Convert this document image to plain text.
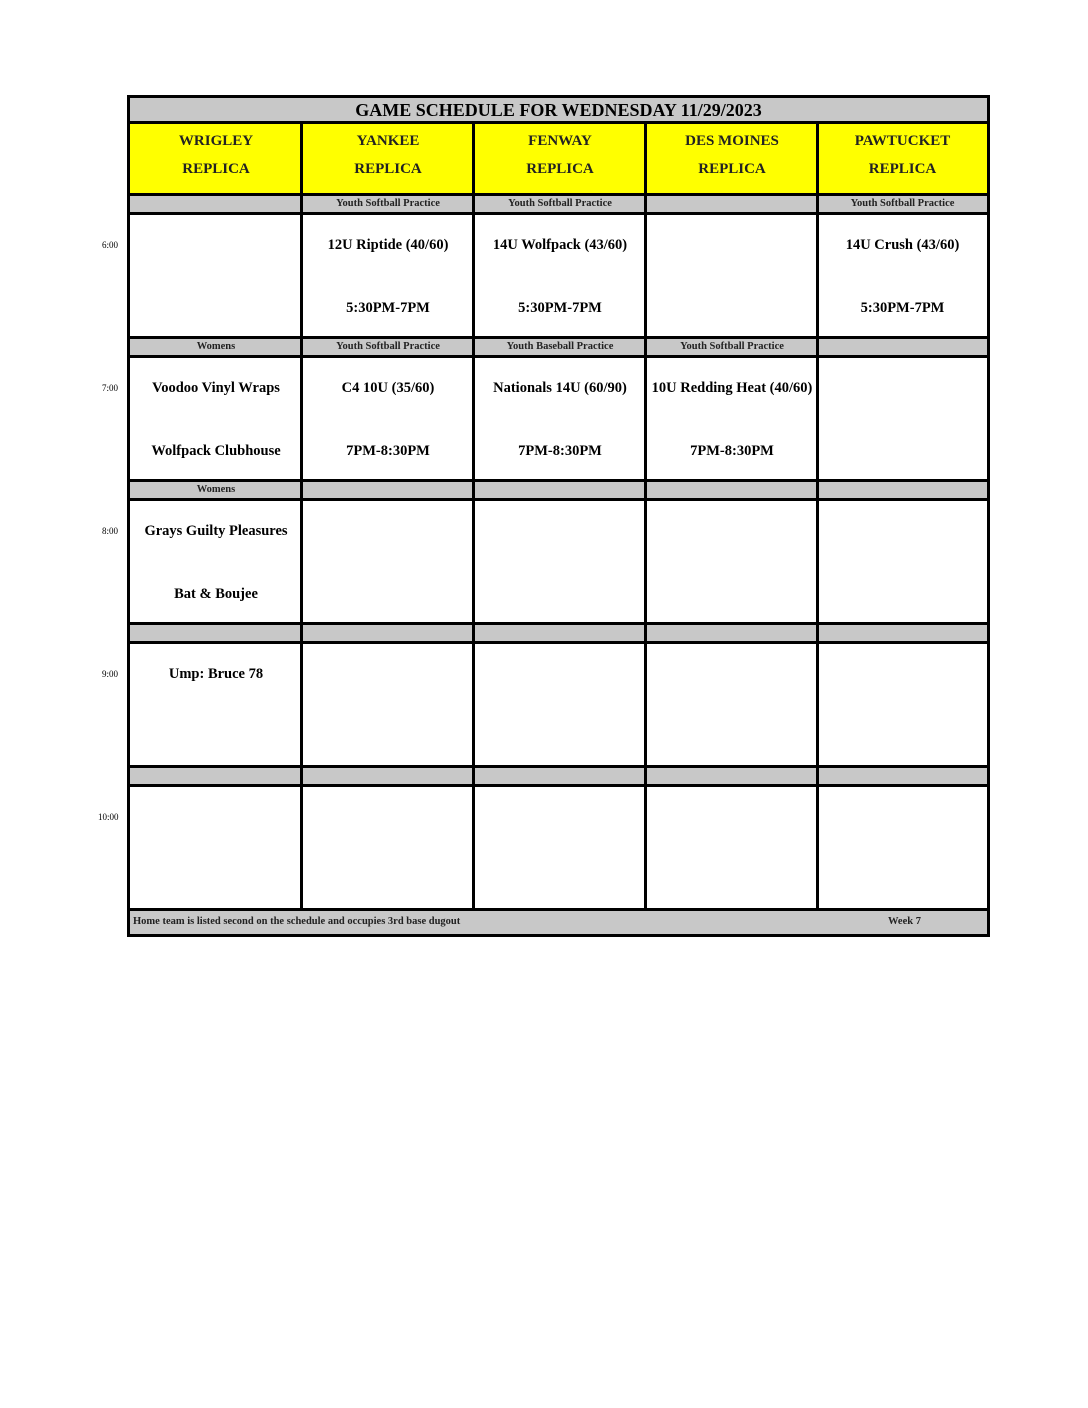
GAME SCHEDULE FOR WEDNESDAY 11/29/2023
WRIGLEY
REPLICA
YANKEE
REPLICA
FENWAY
REPLICA
DES MOINES
REPLICA
PAWTUCKET
REPLICA
Youth Softball Practice
12U Riptide (40/60)
5:30PM-7PM
Youth Softball Practice
14U Wolfpack (43/60)
5:30PM-7PM
Youth Softball Practice
14U Crush (43/60)
5:30PM-7PM
Womens
Voodoo Vinyl Wraps
Wolfpack Clubhouse
Youth Softball Practice
C4 10U (35/60)
7PM-8:30PM
Youth Baseball Practice
Nationals 14U (60/90)
7PM-8:30PM
Youth Softball Practice
10U Redding Heat (40/60)
7PM-8:30PM
Womens
Grays Guilty Pleasures
Bat & Boujee
Ump: Bruce 78
Home team is listed second on the schedule and occupies 3rd base dugout	Week 7
6:00
7:00
8:00
9:00
10:00
